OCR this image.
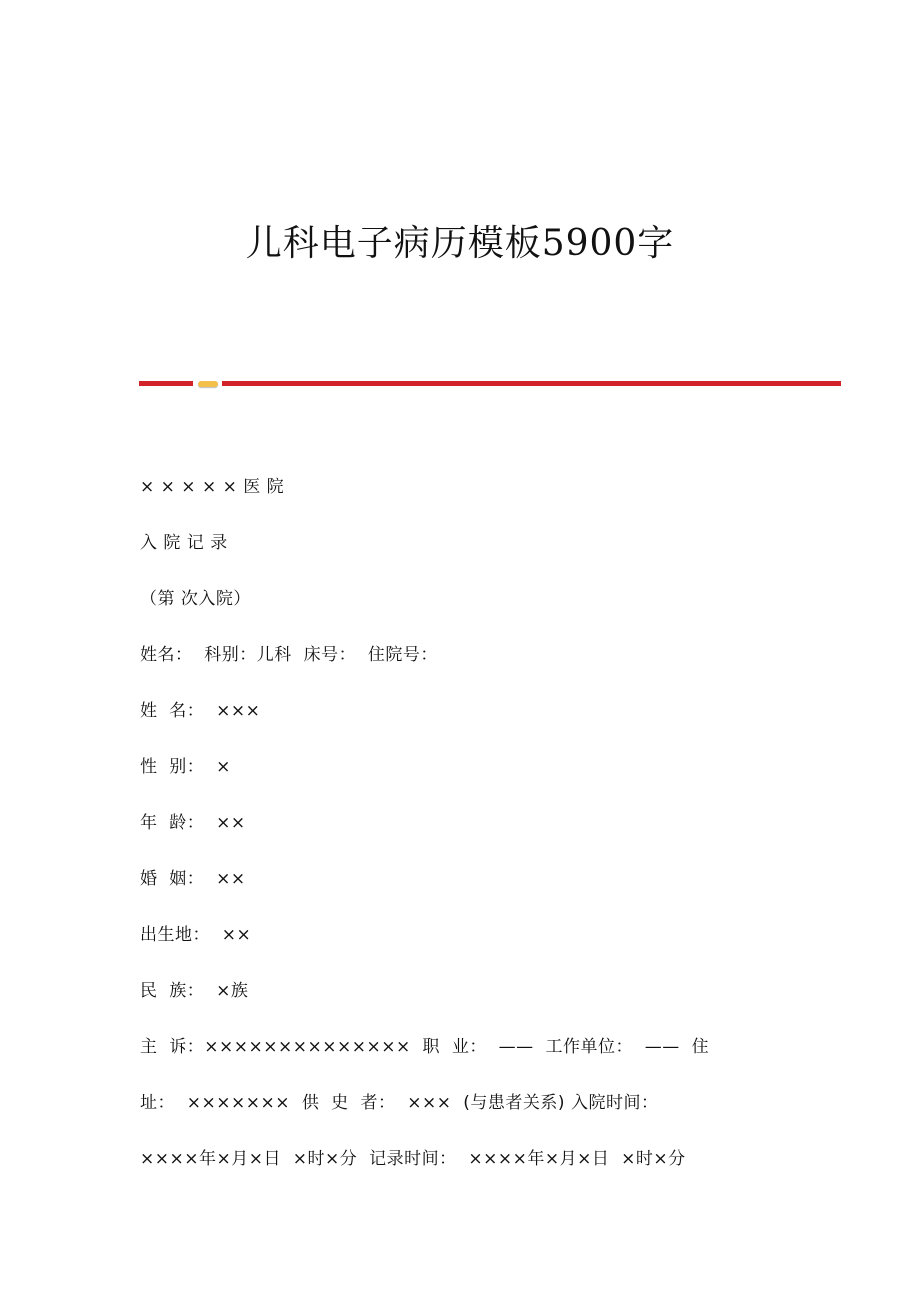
儿科电子病历模板5900字
× × × × × 医 院
入 院 记 录
（第 次入院）
姓名：  科别：儿科  床号：  住院号：
姓  名：  ×××
性  别：  ×
年  龄：  ××
婚  姻：  ××
出生地：  ××
民  族：  ×族
主  诉：××××××××××××××  职  业：  ——  工作单位：  ——  住
址：  ×××××××  供  史  者：  ×××  (与患者关系) 入院时间：
××××年×月×日  ×时×分  记录时间：  ××××年×月×日  ×时×分
